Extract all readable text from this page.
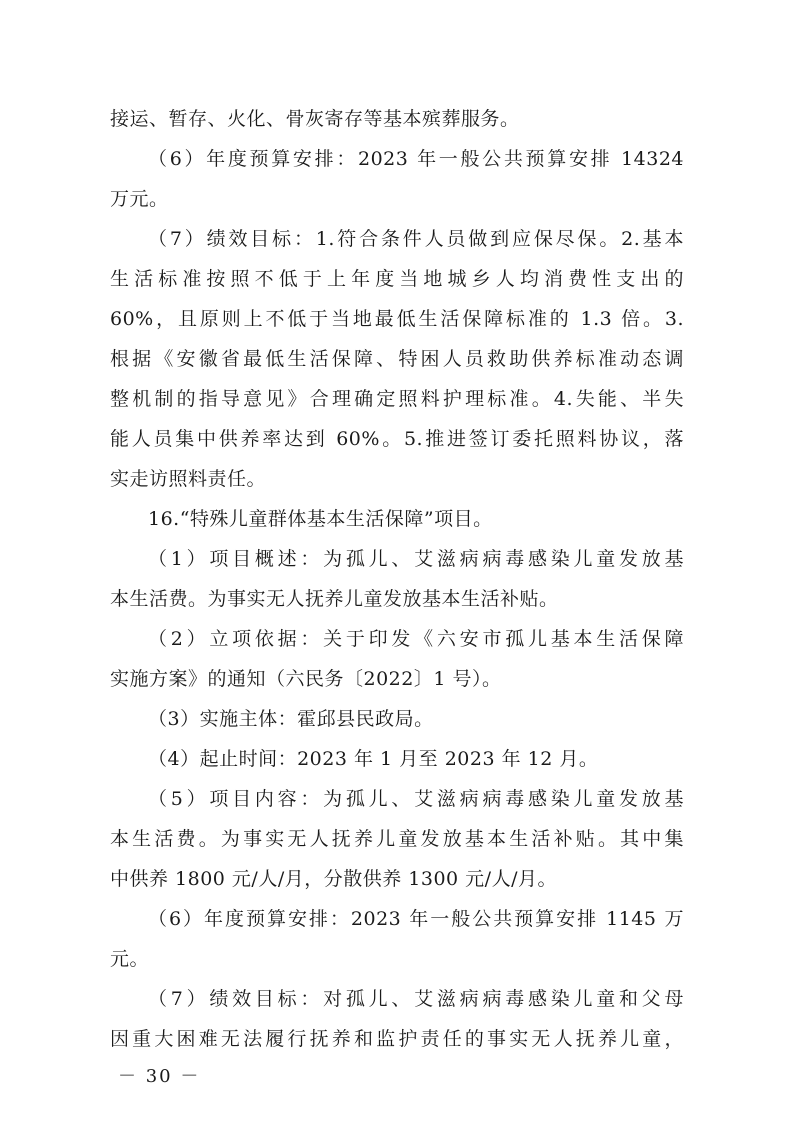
接运、暂存、火化、骨灰寄存等基本殡葬服务。
（6）年度预算安排：2023 年一般公共预算安排 14324
万元。
（7）绩效目标：1.符合条件人员做到应保尽保。2.基本
生活标准按照不低于上年度当地城乡人均消费性支出的
60%，且原则上不低于当地最低生活保障标准的 1.3 倍。3.
根据《安徽省最低生活保障、特困人员救助供养标准动态调
整机制的指导意见》合理确定照料护理标准。4.失能、半失
能人员集中供养率达到 60%。5.推进签订委托照料协议，落
实走访照料责任。
16.“特殊儿童群体基本生活保障”项目。
（1）项目概述：为孤儿、艾滋病病毒感染儿童发放基
本生活费。为事实无人抚养儿童发放基本生活补贴。
（2）立项依据：关于印发《六安市孤儿基本生活保障
实施方案》的通知（六民务〔2022〕1 号）。
（3）实施主体：霍邱县民政局。
（4）起止时间：2023 年 1 月至 2023 年 12 月。
（5）项目内容：为孤儿、艾滋病病毒感染儿童发放基
本生活费。为事实无人抚养儿童发放基本生活补贴。其中集
中供养 1800 元/人/月，分散供养 1300 元/人/月。
（6）年度预算安排：2023 年一般公共预算安排 1145 万
元。
（7）绩效目标：对孤儿、艾滋病病毒感染儿童和父母
因重大困难无法履行抚养和监护责任的事实无人抚养儿童，
－ 30 －
